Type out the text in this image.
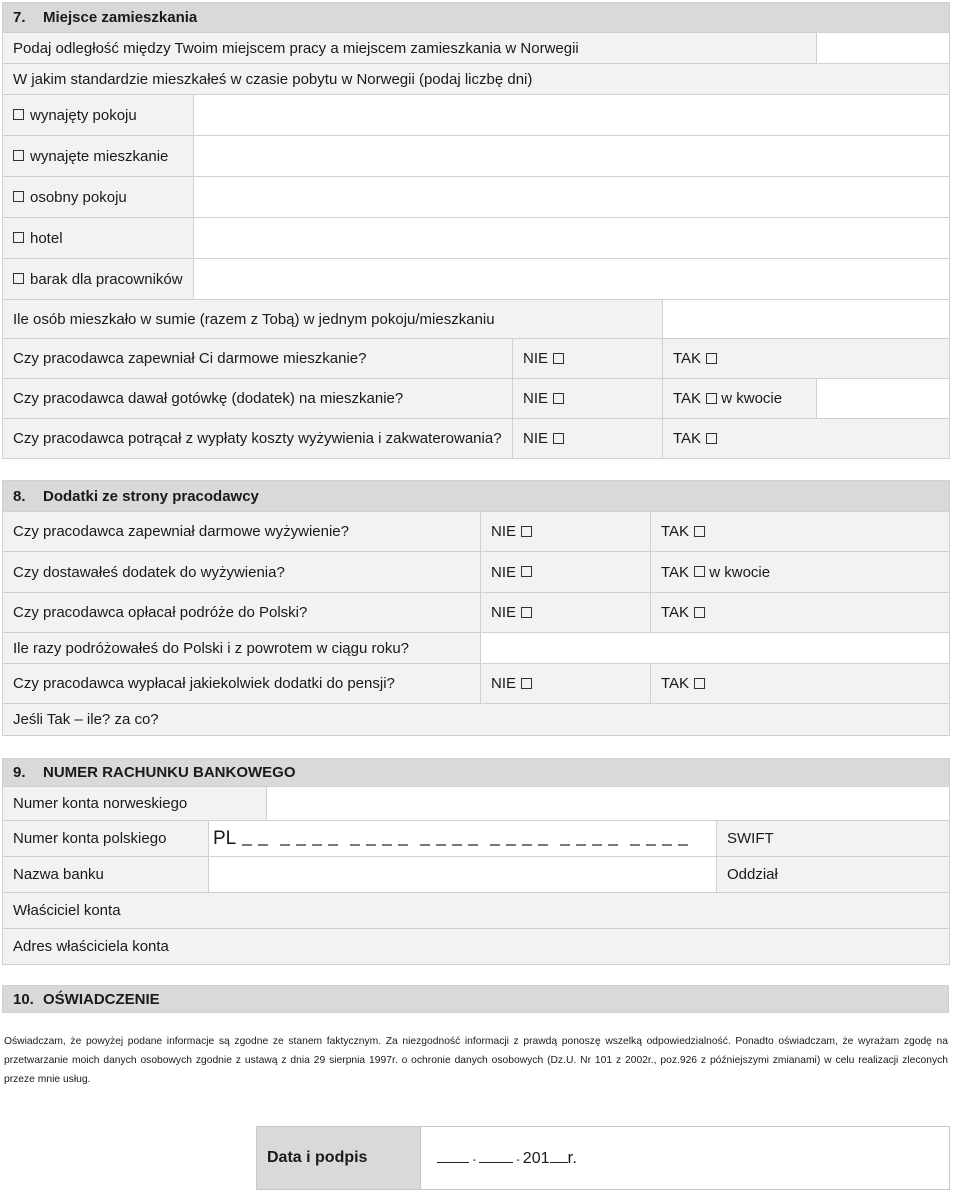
7. Miejsce zamieszkania				
Podaj odległość między Twoim miejscem pracy a miejscem zamieszkania w Norwegii				
W jakim standardzie mieszkałeś w czasie pobytu w Norwegii (podaj liczbę dni)				
wynajęty pokoju				
wynajęte mieszkanie				
osobny pokoju				
hotel				
barak dla pracowników				
Ile osób mieszkało w sumie (razem z Tobą) w jednym pokoju/mieszkaniu				
Czy pracodawca zapewniał Ci darmowe mieszkanie?		NIE	TAK	
Czy pracodawca dawał gotówkę (dodatek) na mieszkanie?		NIE	TAK w kwocie	
Czy pracodawca potrącał z wypłaty koszty wyżywienia i zakwaterowania?		NIE	TAK	
8. Dodatki ze strony pracodawcy		
Czy pracodawca zapewniał darmowe wyżywienie?	NIE	TAK
Czy dostawałeś dodatek do wyżywienia?	NIE	TAK w kwocie
Czy pracodawca opłacał podróże do Polski?	NIE	TAK
Ile razy podróżowałeś do Polski i z powrotem w ciągu roku?		
Czy pracodawca wypłacał jakiekolwiek dodatki do pensji?	NIE	TAK
Jeśli Tak – ile? za co?		
9. NUMER RACHUNKU BANKOWEGO			
Numer konta norweskiego			
Numer konta polskiego	PL		SWIFT
Nazwa banku			Oddział
Właściciel konta			
Adres właściciela konta			
10. OŚWIADCZENIE
Oświadczam, że powyżej podane informacje są zgodne ze stanem faktycznym. Za niezgodność informacji z prawdą ponoszę wszelką odpowiedzialność. Ponadto oświadczam, że wyrażam zgodę na przetwarzanie moich danych osobowych zgodnie z ustawą z dnia 29 sierpnia 1997r. o ochronie danych osobowych (Dz.U. Nr 101 z 2002r., poz.926 z późniejszymi zmianami) w celu realizacji zleconych przeze mnie usług.
Data i podpis	-	- 201 r.
